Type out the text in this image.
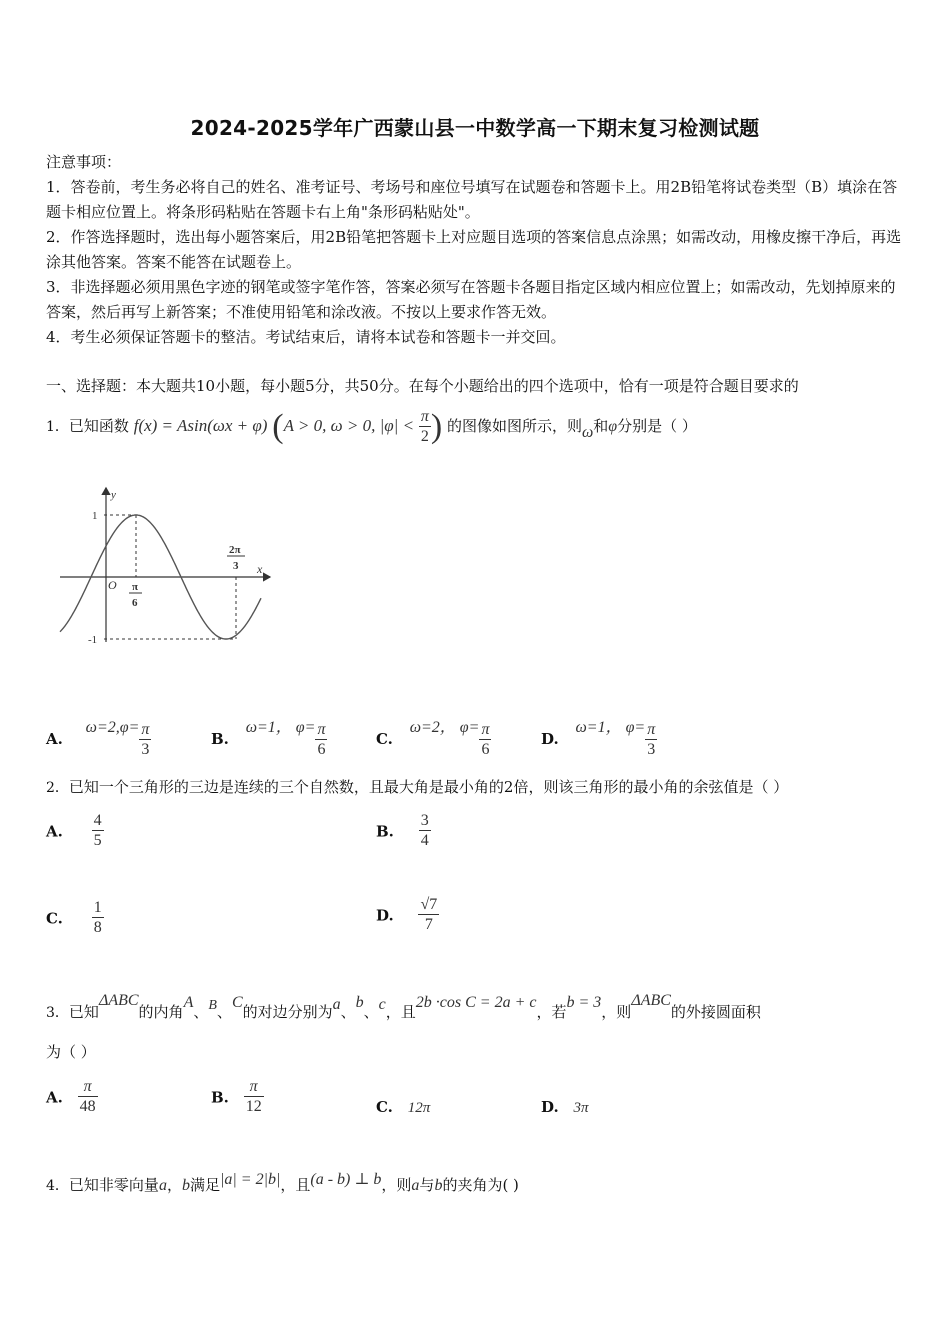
2024-2025学年广西蒙山县一中数学高一下期末复习检测试题
注意事项：
1．答卷前，考生务必将自己的姓名、准考证号、考场号和座位号填写在试题卷和答题卡上。用2B铅笔将试卷类型（B）填涂在答题卡相应位置上。将条形码粘贴在答题卡右上角"条形码粘贴处"。
2．作答选择题时，选出每小题答案后，用2B铅笔把答题卡上对应题目选项的答案信息点涂黑；如需改动，用橡皮擦干净后，再选涂其他答案。答案不能答在试题卷上。
3．非选择题必须用黑色字迹的钢笔或签字笔作答，答案必须写在答题卡各题目指定区域内相应位置上；如需改动，先划掉原来的答案，然后再写上新答案；不准使用铅笔和涂改液。不按以上要求作答无效。
4．考生必须保证答题卡的整洁。考试结束后，请将本试卷和答题卡一并交回。
一、选择题：本大题共10小题，每小题5分，共50分。在每个小题给出的四个选项中，恰有一项是符合题目要求的
1．已知函数 f(x) = Asin(ωx + φ) (A > 0, ω > 0, $|\varphi| < \frac{\pi}{2}$ ) 的图像如图所示，则ω和φ分别是（ ）
y
x
O
1
-1
π
6
2π
3
A. $\omega=2,\varphi= \frac{\pi}{3}$	B. ω=1， $\varphi= \frac{\pi}{6}$	C. ω=2， $\varphi= \frac{\pi}{6}$	D. ω=1， $\varphi= \frac{\pi}{3}$
2．已知一个三角形的三边是连续的三个自然数，且最大角是最小角的2倍，则该三角形的最小角的余弦值是（ ）
A. $\frac{4}{5}$	B. $\frac{3}{4}$
C. $\frac{1}{8}$	D. $\frac{√7}{7}$
3．已知ΔABC的内角A、B、C的对边分别为a、b、c，且2b ·cos C = 2a + c，若b = 3，则ΔABC的外接圆面积
为（ ）
A. $\frac{\pi}{48}$	B. $\frac{\pi}{12}$	C. 12π	D. 3π
4．已知非零向量a，b满足|a| = 2|b|，且(a - b) ⊥ b，则a与b的夹角为( )
